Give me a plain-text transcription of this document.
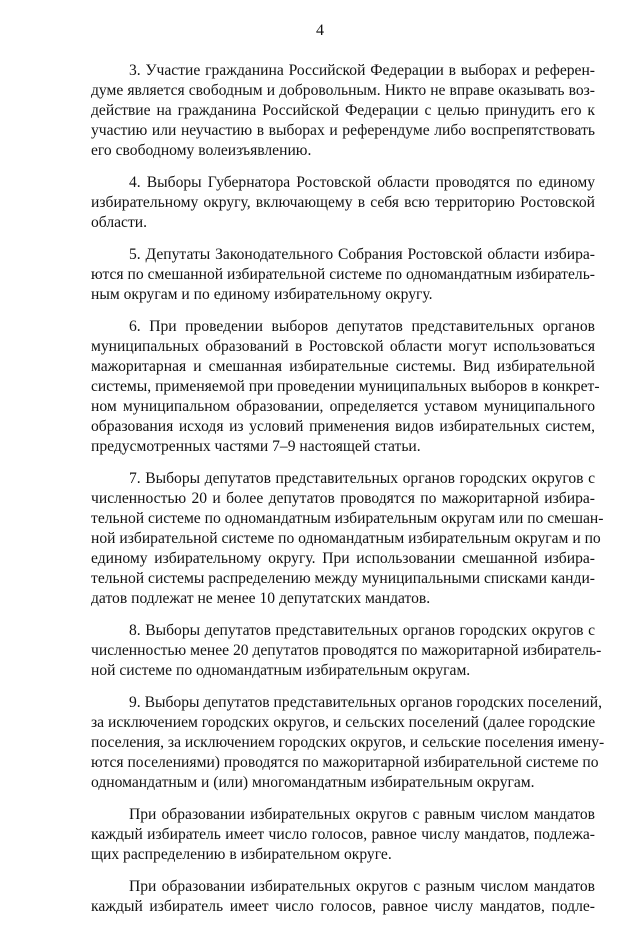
4

3. Участие гражданина Российской Федерации в выборах и референ-
думе является свободным и добровольным. Никто не вправе оказывать воз-
действие на гражданина Российской Федерации с целью принудить его к
участию или неучастию в выборах и референдуме либо воспрепятствовать
его свободному волеизъявлению.

4. Выборы Губернатора Ростовской области проводятся по единому
избирательному округу, включающему в себя всю территорию Ростовской
области.

5. Депутаты Законодательного Собрания Ростовской области избира-
ются по смешанной избирательной системе по одномандатным избиратель-
ным округам и по единому избирательному округу.

6. При проведении выборов депутатов представительных органов
муниципальных образований в Ростовской области могут использоваться
мажоритарная и смешанная избирательные системы. Вид избирательной
системы, применяемой при проведении муниципальных выборов в конкрет-
ном муниципальном образовании, определяется уставом муниципального
образования исходя из условий применения видов избирательных систем,
предусмотренных частями 7–9 настоящей статьи.

7. Выборы депутатов представительных органов городских округов с
численностью 20 и более депутатов проводятся по мажоритарной избира-
тельной системе по одномандатным избирательным округам или по смешан-
ной избирательной системе по одномандатным избирательным округам и по
единому избирательному округу. При использовании смешанной избира-
тельной системы распределению между муниципальными списками канди-
датов подлежат не менее 10 депутатских мандатов.

8. Выборы депутатов представительных органов городских округов с
численностью менее 20 депутатов проводятся по мажоритарной избиратель-
ной системе по одномандатным избирательным округам.

9. Выборы депутатов представительных органов городских поселений,
за исключением городских округов, и сельских поселений (далее городские
поселения, за исключением городских округов, и сельские поселения имену-
ются поселениями) проводятся по мажоритарной избирательной системе по
одномандатным и (или) многомандатным избирательным округам.

При образовании избирательных округов с равным числом мандатов
каждый избиратель имеет число голосов, равное числу мандатов, подлежа-
щих распределению в избирательном округе.

При образовании избирательных округов с разным числом мандатов
каждый избиратель имеет число голосов, равное числу мандатов, подле-
